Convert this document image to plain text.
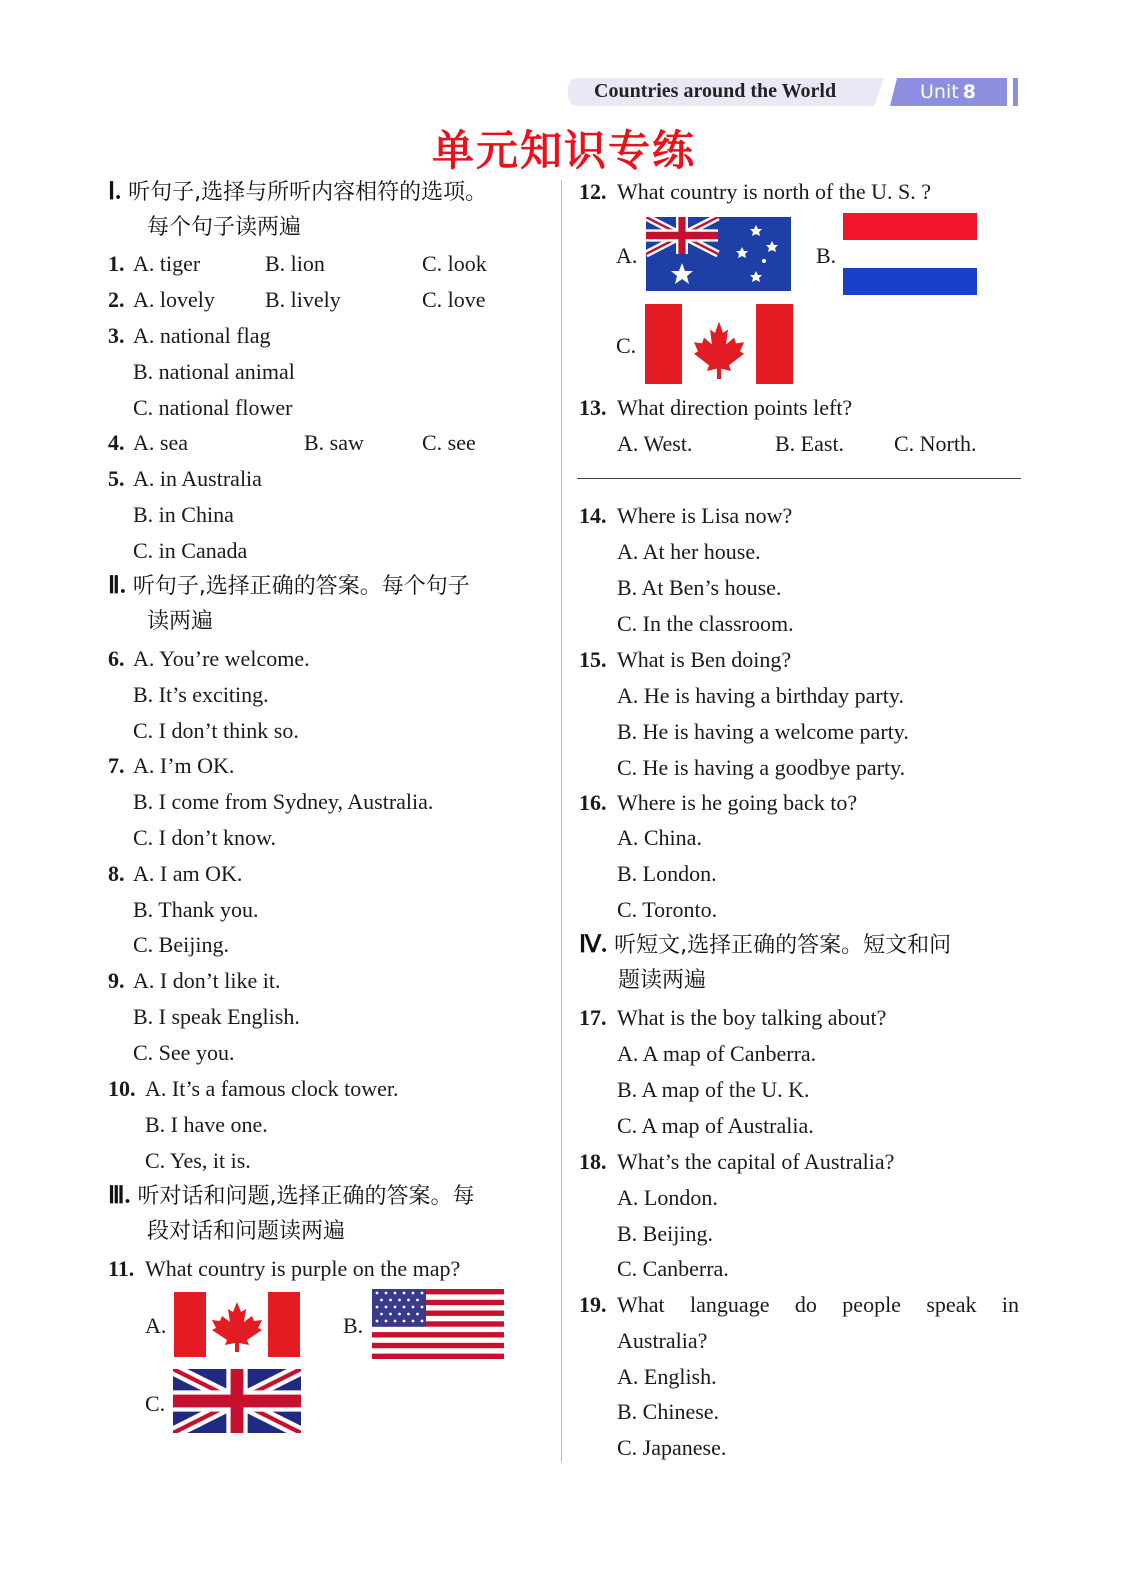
Countries around the World	Unit 8
单元知识专练
Ⅰ. 听句子,选择与所听内容相符的选项。
每个句子读两遍
1. A. tiger	B. lion	C. look
2. A. lovely B. lively	C. love
3. A. national flag
B. national animal
C. national flower
4. A. sea	B. saw	C. see
5. A. in Australia
B. in China
C. in Canada
Ⅱ. 听句子,选择正确的答案。每个句子
读两遍
6. A. You’re welcome.
B. It’s exciting.
C. I don’t think so.
7. A. I’m OK.
B. I come from Sydney, Australia.
C. I don’t know.
8. A. I am OK.
B. Thank you.
C. Beijing.
9. A. I don’t like it.
B. I speak English.
C. See you.
10. A. It’s a famous clock tower.
B. I have one.
C. Yes, it is.
Ⅲ. 听对话和问题,选择正确的答案。每
段对话和问题读两遍
11. What country is purple on the map?
A.	B.
C.
12. What country is north of the U. S. ?
A.	B.
C.
13. What direction points left?
A. West.	B. East. C. North.
14. Where is Lisa now?
A. At her house.
B. At Ben’s house.
C. In the classroom.
15. What is Ben doing?
A. He is having a birthday party.
B. He is having a welcome party.
C. He is having a goodbye party.
16. Where is he going back to?
A. China.
B. London.
C. Toronto.
Ⅳ. 听短文,选择正确的答案。短文和问
题读两遍
17. What is the boy talking about?
A. A map of Canberra.
B. A map of the U. K.
C. A map of Australia.
18. What’s the capital of Australia?
A. London.
B. Beijing.
C. Canberra.
19. What language do people speak in
Australia?
A. English.
B. Chinese.
C. Japanese.
